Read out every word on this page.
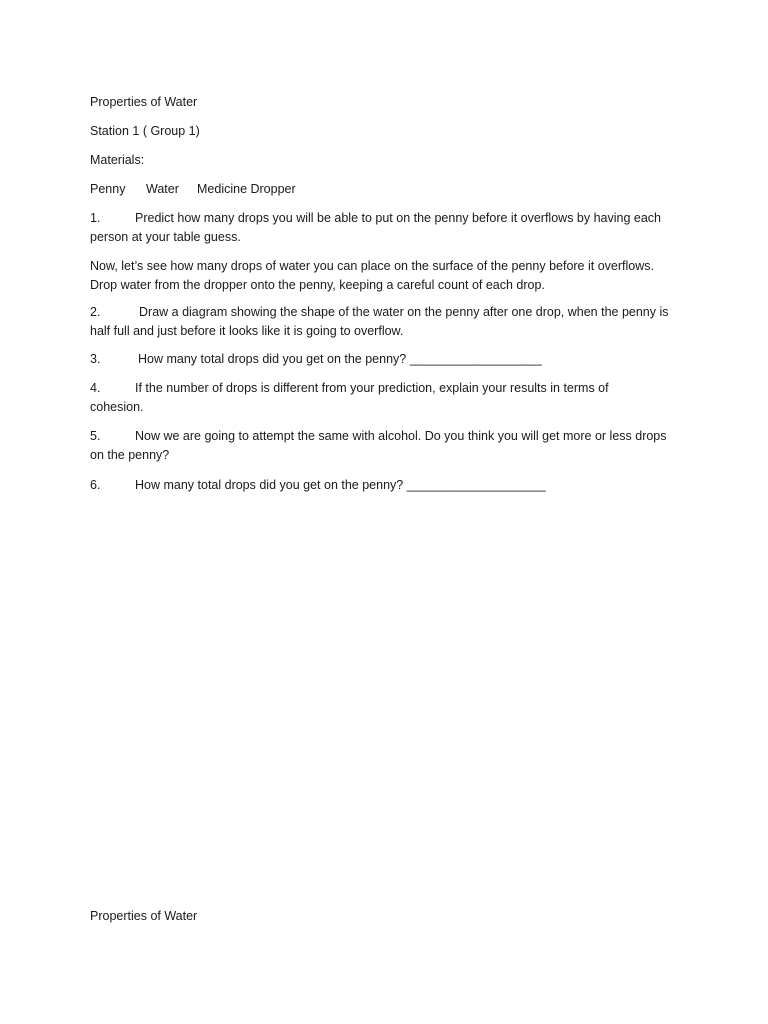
Properties of Water
Station 1 ( Group 1)
Materials:
Penny Water Medicine Dropper
1.	Predict how many drops you will be able to put on the penny before it overflows by having each
person at your table guess.
Now, let’s see how many drops of water you can place on the surface of the penny before it overflows.
Drop water from the dropper onto the penny, keeping a careful count of each drop.
2.	Draw a diagram showing the shape of the water on the penny after one drop, when the penny is
half full and just before it looks like it is going to overflow.
3.	How many total drops did you get on the penny? ___________________
4.	If the number of drops is different from your prediction, explain your results in terms of
cohesion.
5.	Now we are going to attempt the same with alcohol. Do you think you will get more or less drops
on the penny?
6.	How many total drops did you get on the penny? ____________________
Properties of Water
